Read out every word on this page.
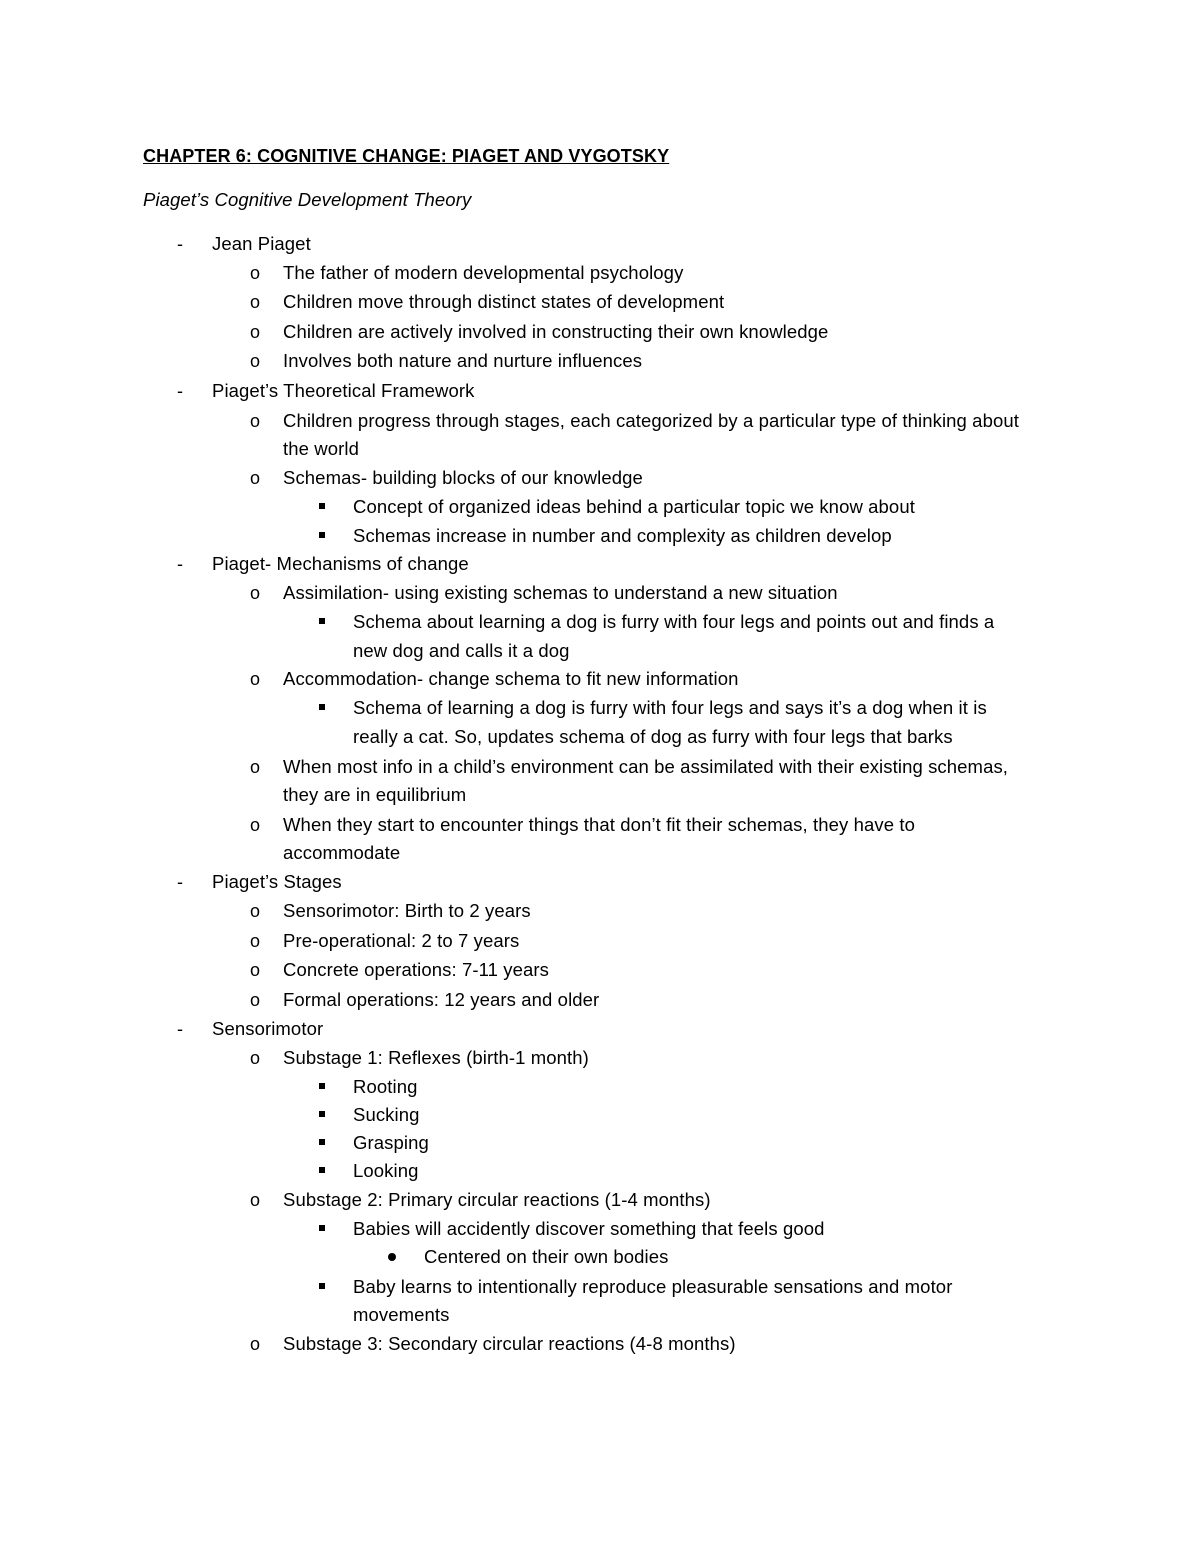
CHAPTER 6: COGNITIVE CHANGE: PIAGET AND VYGOTSKY
Piaget’s Cognitive Development Theory
- Jean Piaget
o The father of modern developmental psychology
o Children move through distinct states of development
o Children are actively involved in constructing their own knowledge
o Involves both nature and nurture influences
- Piaget’s Theoretical Framework
o Children progress through stages, each categorized by a particular type of thinking about
the world
o Schemas- building blocks of our knowledge
Concept of organized ideas behind a particular topic we know about
Schemas increase in number and complexity as children develop
- Piaget- Mechanisms of change
o Assimilation- using existing schemas to understand a new situation
Schema about learning a dog is furry with four legs and points out and finds a
new dog and calls it a dog
o Accommodation- change schema to fit new information
Schema of learning a dog is furry with four legs and says it’s a dog when it is
really a cat. So, updates schema of dog as furry with four legs that barks
o When most info in a child’s environment can be assimilated with their existing schemas,
they are in equilibrium
o When they start to encounter things that don’t fit their schemas, they have to
accommodate
- Piaget’s Stages
o Sensorimotor: Birth to 2 years
o Pre-operational: 2 to 7 years
o Concrete operations: 7-11 years
o Formal operations: 12 years and older
- Sensorimotor
o Substage 1: Reflexes (birth-1 month)
Rooting
Sucking
Grasping
Looking
o Substage 2: Primary circular reactions (1-4 months)
Babies will accidently discover something that feels good
Centered on their own bodies
Baby learns to intentionally reproduce pleasurable sensations and motor
movements
o Substage 3: Secondary circular reactions (4-8 months)
